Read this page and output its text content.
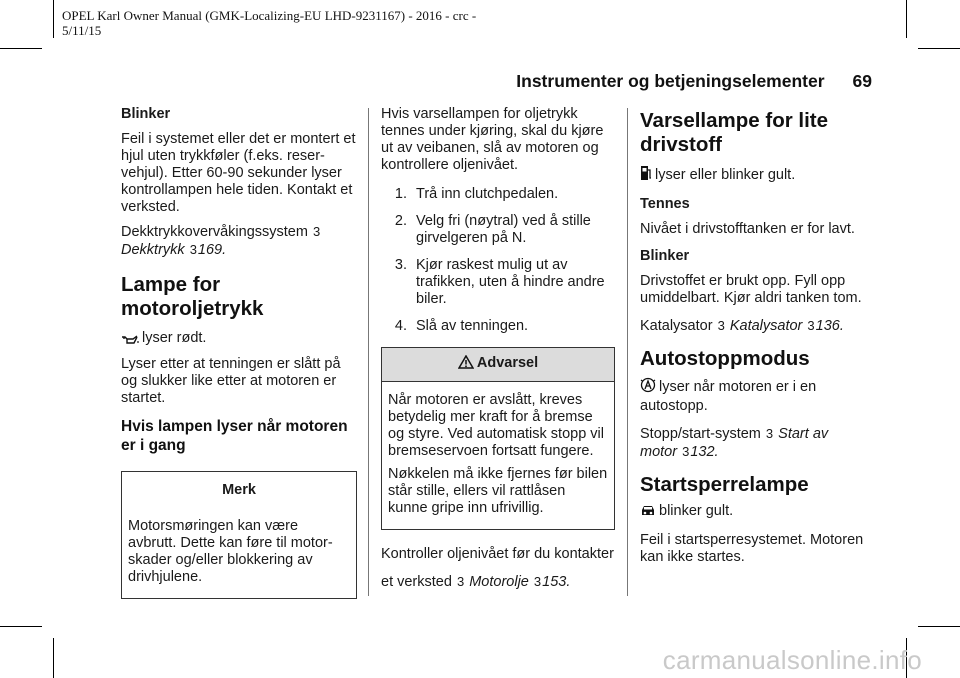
OPEL Karl Owner Manual (GMK-Localizing-EU LHD-9231167) - 2016 - crc -
5/11/15
Instrumenter og betjeningselementer 69
Blinker

Feil i systemet eller det er montert et hjul uten trykkføler (f.eks. reservehjul). Etter 60-90 sekunder lyser kontrollampen hele tiden. Kontakt et verksted.

Dekktrykkovervåkingssystem 3
Dekktrykk 3169.

Lampe for motoroljetrykk

lyser rødt.

Lyser etter at tenningen er slått på og slukker like etter at motoren er startet.

Hvis lampen lyser når motoren er i gang
Merk

Motorsmøringen kan være avbrutt. Dette kan føre til motorskader og/eller blokkering av drivhjulene.

Hvis varsellampen for oljetrykk tennes under kjøring, skal du kjøre ut av veibanen, slå av motoren og kontrollere oljenivået.

1. Trå inn clutchpedalen.
2. Velg fri (nøytral) ved å stille girvelgeren på N.
3. Kjør raskest mulig ut av trafikken, uten å hindre andre biler.
4. Slå av tenningen.
Advarsel

Når motoren er avslått, kreves betydelig mer kraft for å bremse og styre. Ved automatisk stopp vil bremseservoen fortsatt fungere.

Nøkkelen må ikke fjernes før bilen står stille, ellers vil rattlåsen kunne gripe inn ufrivillig.

Kontroller oljenivået før du kontakter

et verksted 3 Motorolje 3153.

Varsellampe for lite drivstoff

lyser eller blinker gult.

Tennes

Nivået i drivstofftanken er for lavt.

Blinker

Drivstoffet er brukt opp. Fyll opp umiddelbart. Kjør aldri tanken tom.

Katalysator 3 Katalysator 3136.

Autostoppmodus

lyser når motoren er i en autostopp.

Stopp/start-system 3 Start av
motor 3132.

Startsperrelampe

blinker gult.

Feil i startsperresystemet. Motoren kan ikke startes.

carmanualsonline.info
